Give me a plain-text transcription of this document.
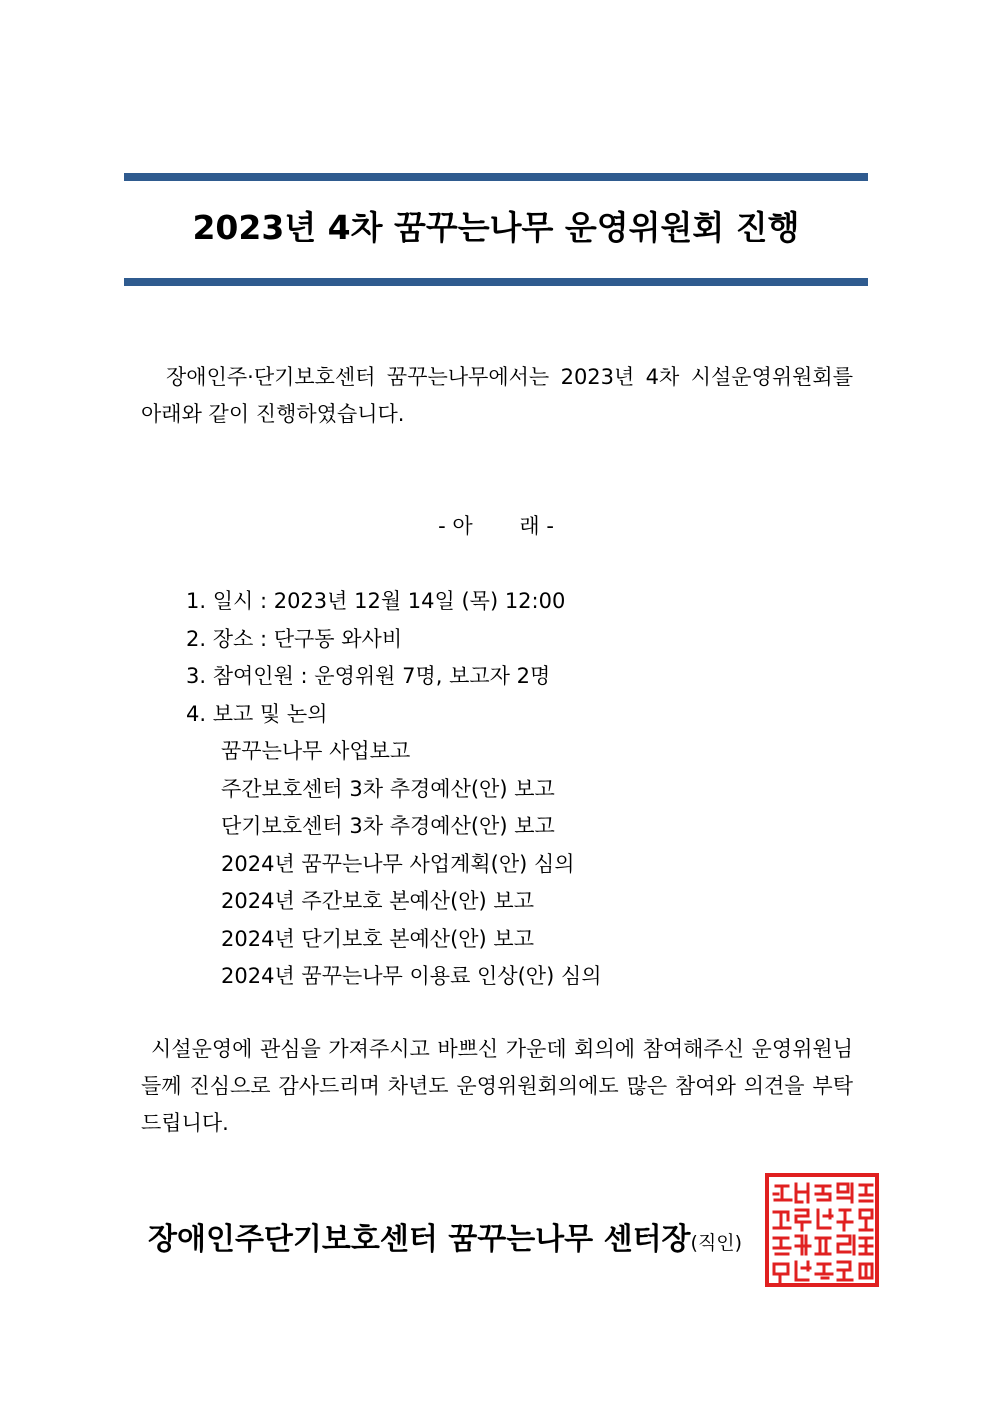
2023년 4차 꿈꾸는나무 운영위원회 진행
장애인주·단기보호센터 꿈꾸는나무에서는 2023년 4차 시설운영위원회를 아래와 같이 진행하였습니다.
- 아       래 -
1. 일시 : 2023년 12월 14일 (목) 12:00
2. 장소 : 단구동 와사비
3. 참여인원 : 운영위원 7명, 보고자 2명
4. 보고 및 논의
꿈꾸는나무 사업보고
주간보호센터 3차 추경예산(안) 보고
단기보호센터 3차 추경예산(안) 보고
2024년 꿈꾸는나무 사업계획(안) 심의
2024년 주간보호 본예산(안) 보고
2024년 단기보호 본예산(안) 보고
2024년 꿈꾸는나무 이용료 인상(안) 심의
시설운영에 관심을 가져주시고 바쁘신 가운데 회의에 참여해주신 운영위원님들께 진심으로 감사드리며 차년도 운영위원회의에도 많은 참여와 의견을 부탁드립니다.
장애인주단기보호센터 꿈꾸는나무 센터장(직인)
